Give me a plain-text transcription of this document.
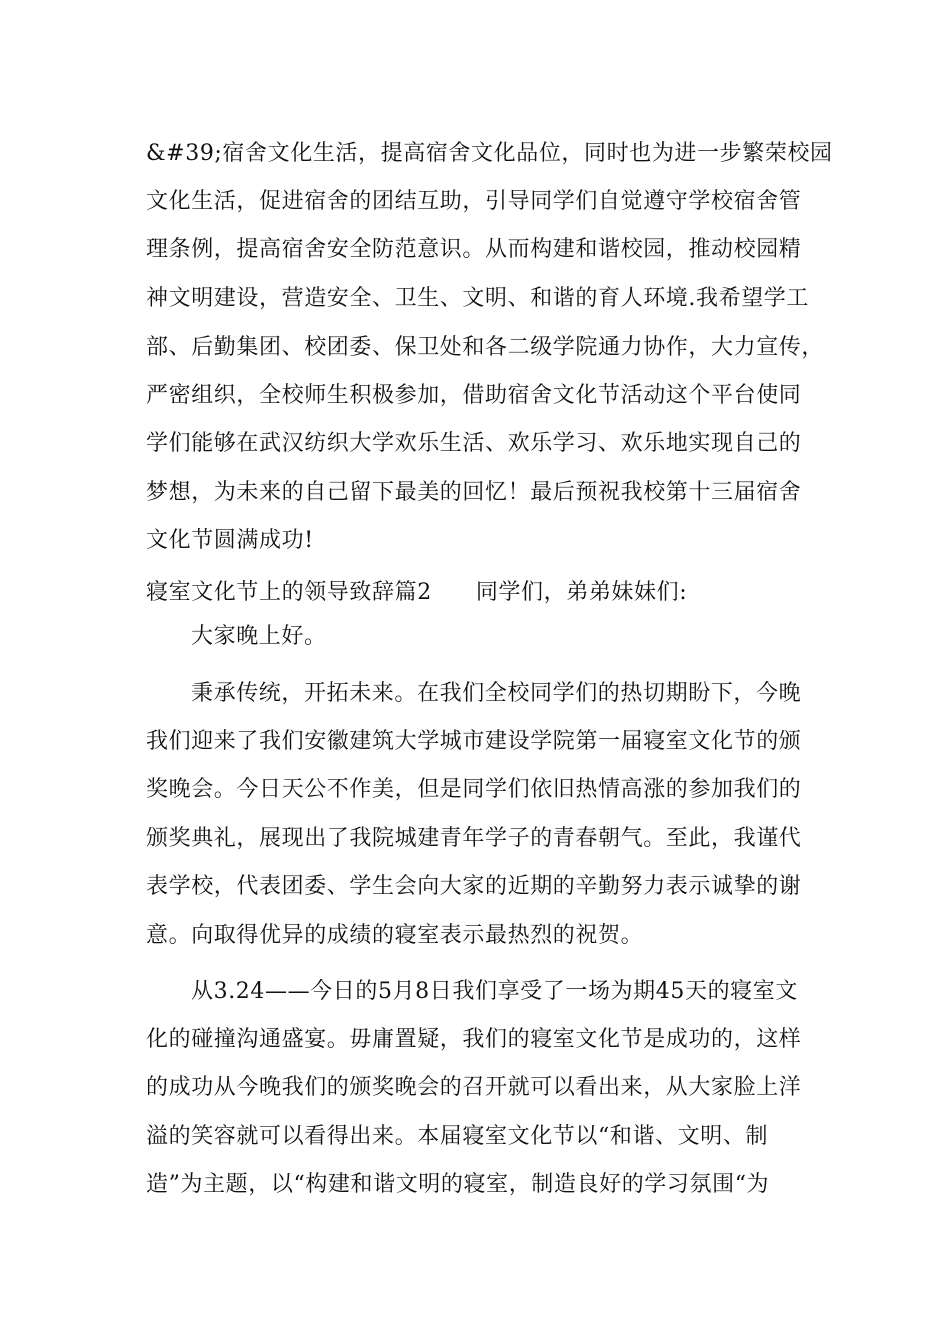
&#39;宿舍文化生活，提高宿舍文化品位，同时也为进一步繁荣校园
文化生活，促进宿舍的团结互助，引导同学们自觉遵守学校宿舍管
理条例，提高宿舍安全防范意识。从而构建和谐校园，推动校园精
神文明建设，营造安全、卫生、文明、和谐的育人环境.我希望学工
部、后勤集团、校团委、保卫处和各二级学院通力协作，大力宣传，
严密组织，全校师生积极参加，借助宿舍文化节活动这个平台使同
学们能够在武汉纺织大学欢乐生活、欢乐学习、欢乐地实现自己的
梦想，为未来的自己留下最美的回忆！最后预祝我校第十三届宿舍
文化节圆满成功!
寝室文化节上的领导致辞篇2 同学们，弟弟妹妹们:
大家晚上好。
秉承传统，开拓未来。在我们全校同学们的热切期盼下，今晚
我们迎来了我们安徽建筑大学城市建设学院第一届寝室文化节的颁
奖晚会。今日天公不作美，但是同学们依旧热情高涨的参加我们的
颁奖典礼，展现出了我院城建青年学子的青春朝气。至此，我谨代
表学校，代表团委、学生会向大家的近期的辛勤努力表示诚挚的谢
意。向取得优异的成绩的寝室表示最热烈的祝贺。
从3.24——今日的5月8日我们享受了一场为期45天的寝室文
化的碰撞沟通盛宴。毋庸置疑，我们的寝室文化节是成功的，这样
的成功从今晚我们的颁奖晚会的召开就可以看出来，从大家脸上洋
溢的笑容就可以看得出来。本届寝室文化节以“和谐、文明、制
造”为主题，以“构建和谐文明的寝室，制造良好的学习氛围“为
